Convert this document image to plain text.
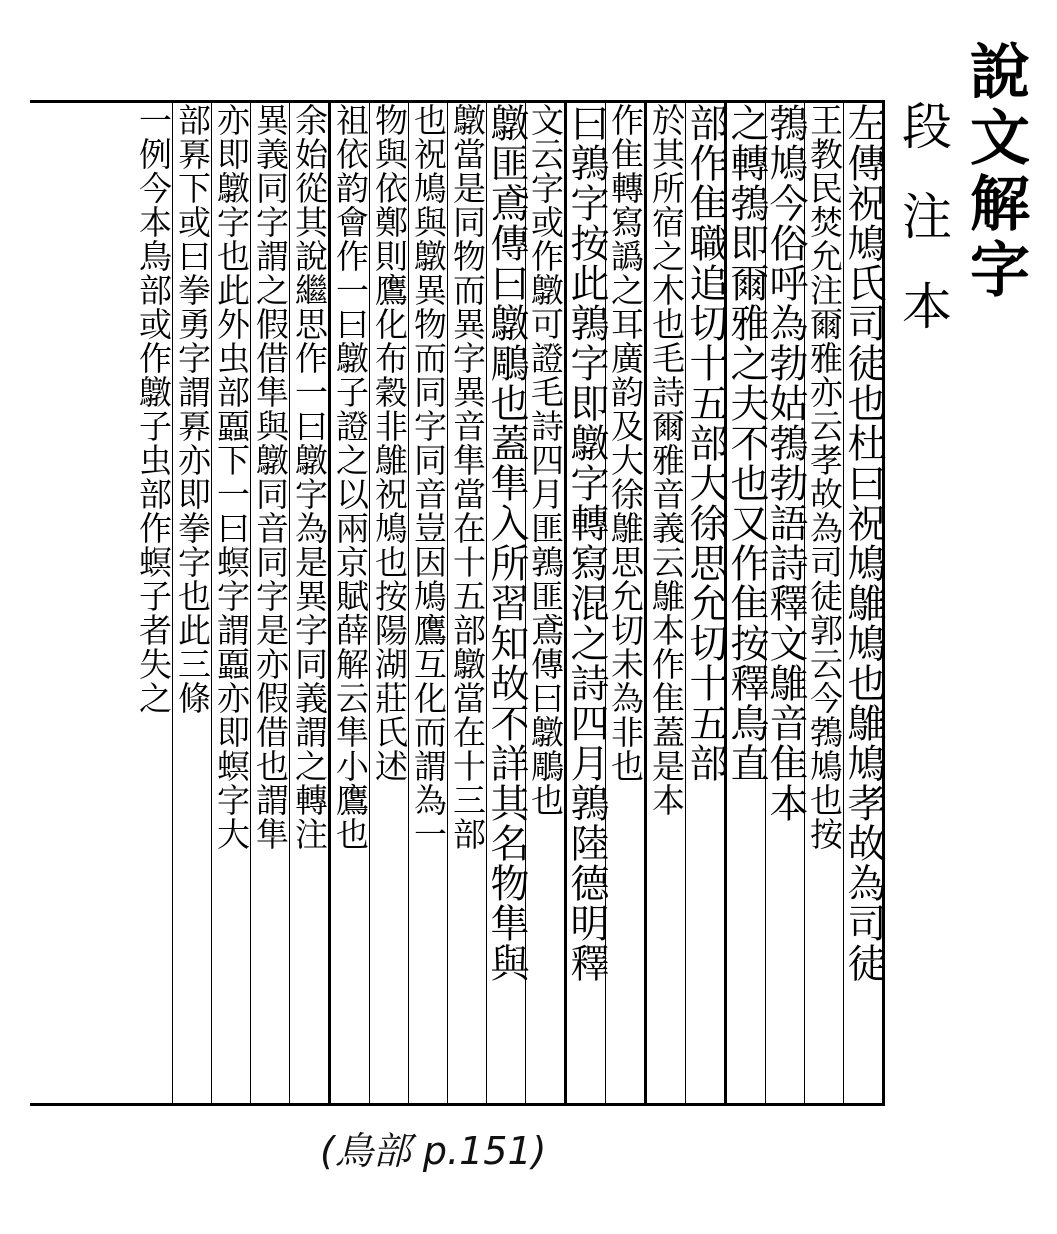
說文解字
段注本
左傳祝鳩氏司徒也杜曰祝鳩鵻鳩也鵻鳩孝故為司徒
王教民焚允注爾雅亦云孝故為司徒郭云今鵓鳩也按
鵓鳩今俗呼為勃姑鵓勃語詩釋文鵻音隹本
之轉鵓即爾雅之夫不也又作隹按釋鳥直
部作隹職追切十五部大徐思允切十五部
於其所宿之木也毛詩爾雅音義云鵻本作隹蓋是本
作隹轉寫譌之耳廣韵及大徐鵻思允切未為非也
曰鶉字按此鶉字即鷻字轉寫混之詩四月鶉陸德明釋
文云字或作鷻可證毛詩四月匪鶉匪鳶傳曰鷻鵰也
鷻匪鳶傳曰鷻鵰也蓋隼入所習知故不詳其名物隼與
鷻當是同物而異字異音隼當在十五部鷻當在十三部
也祝鳩與鷻異物而同字同音豈因鳩鷹互化而謂為一
物與依鄭則鷹化布穀非鵻祝鳩也按陽湖莊氏述
祖依韵會作一曰鷻子證之以兩京賦薛解云隼小鷹也
余始從其說繼思作一曰鷻字為是異字同義謂之轉注
異義同字謂之假借隼與鷻同音同字是亦假借也謂隼
亦即鷻字也此外虫部蠠下一曰螟字謂蠠亦即螟字大
部奡下或曰拳勇字謂奡亦即拳字也此三條
一例今本鳥部或作鷻子虫部作螟子者失之
(鳥部 p.151)
